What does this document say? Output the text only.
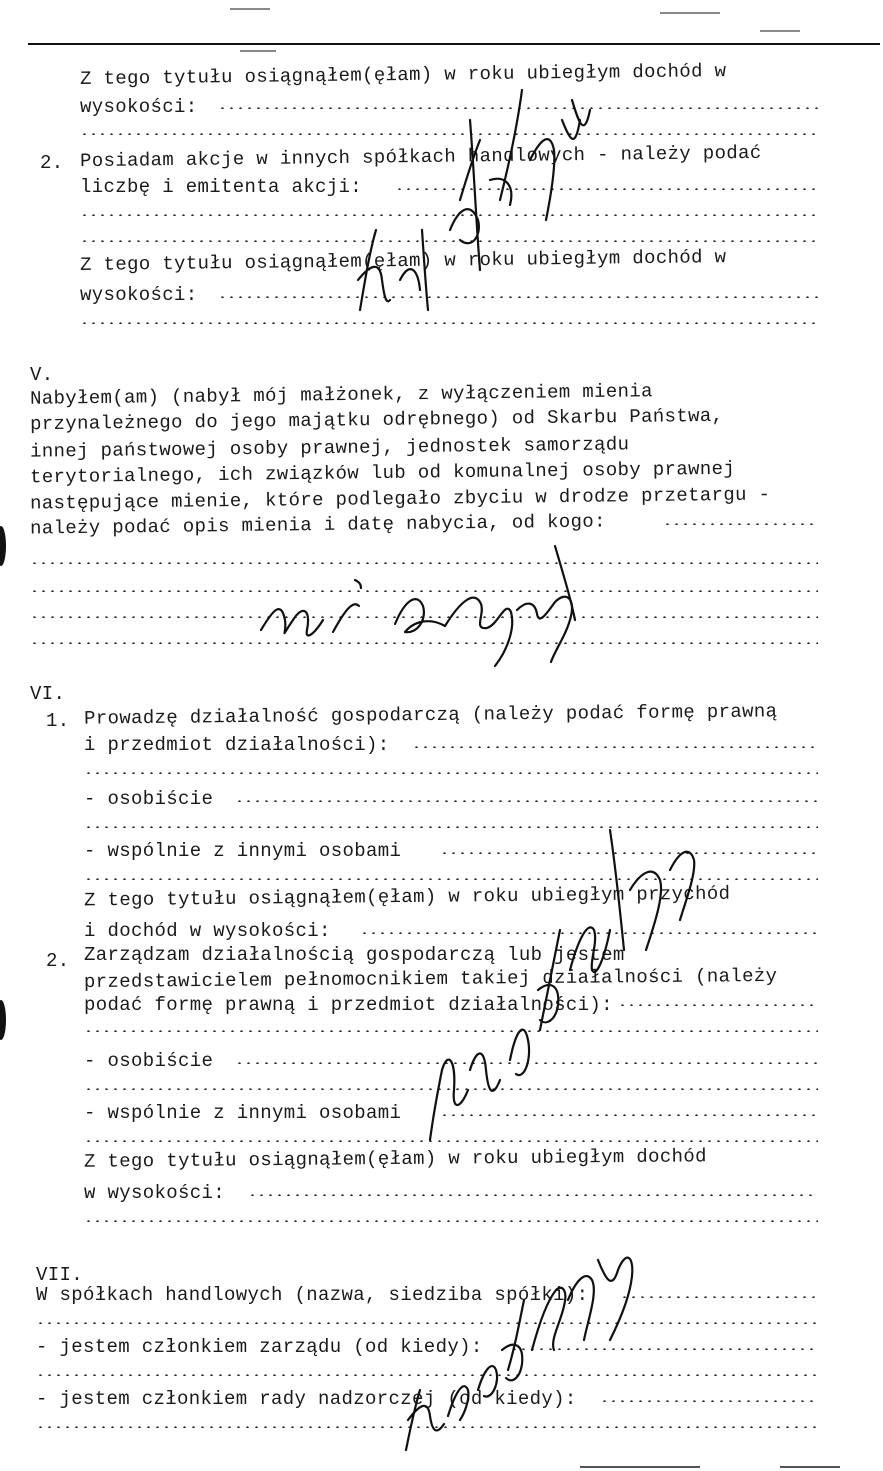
Z tego tytułu osiągnąłem(ęłam) w roku ubiegłym dochód w
wysokości:
2. Posiadam akcje w innych spółkach handlowych - należy podać
liczbę i emitenta akcji:
Z tego tytułu osiągnąłem(ęłam) w roku ubiegłym dochód w
wysokości:
V.
Nabyłem(am) (nabył mój małżonek, z wyłączeniem mienia
przynależnego do jego majątku odrębnego) od Skarbu Państwa,
innej państwowej osoby prawnej, jednostek samorządu
terytorialnego, ich związków lub od komunalnej osoby prawnej
następujące mienie, które podlegało zbyciu w drodze przetargu -
należy podać opis mienia i datę nabycia, od kogo:
VI.
1. Prowadzę działalność gospodarczą (należy podać formę prawną
i przedmiot działalności):
- osobiście
- wspólnie z innymi osobami
Z tego tytułu osiągnąłem(ęłam) w roku ubiegłym przychód
i dochód w wysokości:
2. Zarządzam działalnością gospodarczą lub jestem
przedstawicielem pełnomocnikiem takiej działalności (należy
podać formę prawną i przedmiot działalności):
- osobiście
- wspólnie z innymi osobami
Z tego tytułu osiągnąłem(ęłam) w roku ubiegłym dochód
w wysokości:
VII.
W spółkach handlowych (nazwa, siedziba spółki):
- jestem członkiem zarządu (od kiedy):
- jestem członkiem rady nadzorczej (od kiedy):
